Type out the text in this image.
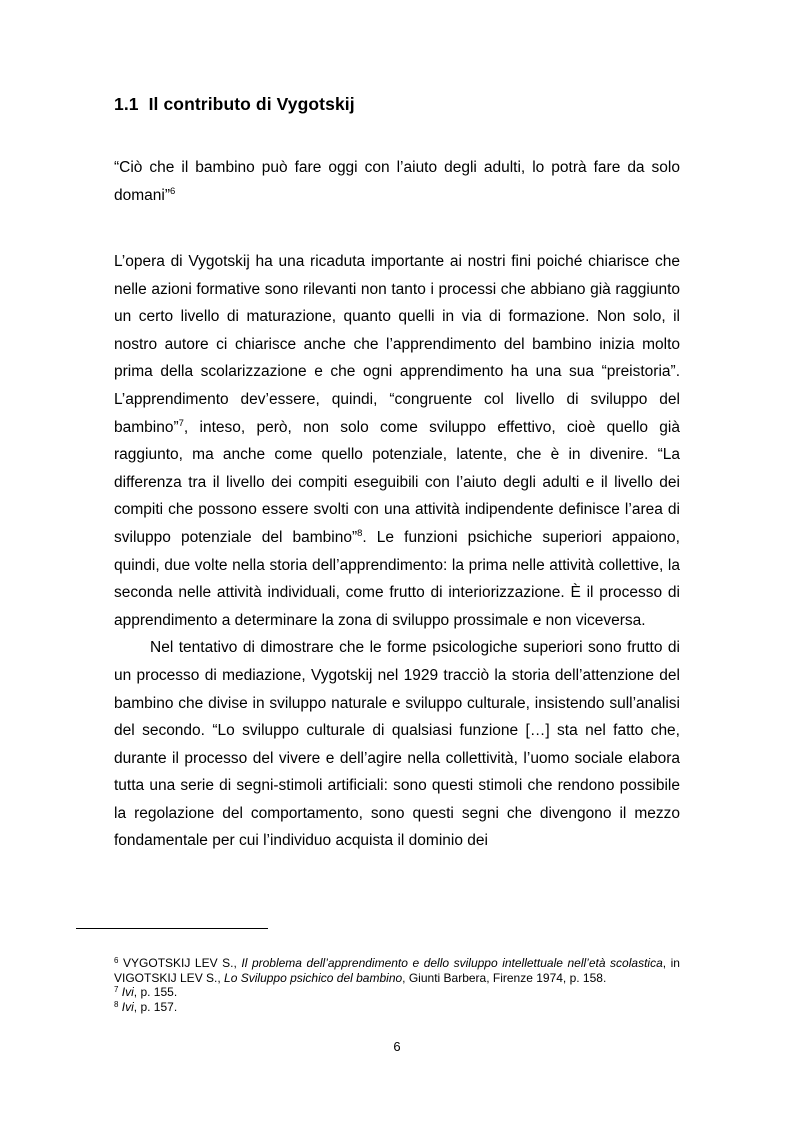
1.1 Il contributo di Vygotskij

“Ciò che il bambino può fare oggi con l’aiuto degli adulti, lo potrà fare da solo domani”$^6$

L’opera di Vygotskij ha una ricaduta importante ai nostri fini poiché chiarisce che nelle azioni formative sono rilevanti non tanto i processi che abbiano già raggiunto un certo livello di maturazione, quanto quelli in via di formazione. Non solo, il nostro autore ci chiarisce anche che l’apprendimento del bambino inizia molto prima della scolarizzazione e che ogni apprendimento ha una sua “preistoria”. L’apprendimento dev’essere, quindi, “congruente col livello di sviluppo del bambino”$^7$, inteso, però, non solo come sviluppo effettivo, cioè quello già raggiunto, ma anche come quello potenziale, latente, che è in divenire. “La differenza tra il livello dei compiti eseguibili con l’aiuto degli adulti e il livello dei compiti che possono essere svolti con una attività indipendente definisce l’area di sviluppo potenziale del bambino”$^8$. Le funzioni psichiche superiori appaiono, quindi, due volte nella storia dell’apprendimento: la prima nelle attività collettive, la seconda nelle attività individuali, come frutto di interiorizzazione. È il processo di apprendimento a determinare la zona di sviluppo prossimale e non viceversa.

Nel tentativo di dimostrare che le forme psicologiche superiori sono frutto di un processo di mediazione, Vygotskij nel 1929 tracciò la storia dell’attenzione del bambino che divise in sviluppo naturale e sviluppo culturale, insistendo sull’analisi del secondo. “Lo sviluppo culturale di qualsiasi funzione […] sta nel fatto che, durante il processo del vivere e dell’agire nella collettività, l’uomo sociale elabora tutta una serie di segni-stimoli artificiali: sono questi stimoli che rendono possibile la regolazione del comportamento, sono questi segni che divengono il mezzo fondamentale per cui l’individuo acquista il dominio dei

$^6$ VYGOTSKIJ LEV S., Il problema dell’apprendimento e dello sviluppo intellettuale nell’età scolastica, in VIGOTSKIJ LEV S., Lo Sviluppo psichico del bambino, Giunti Barbera, Firenze 1974, p. 158.

$^7$ Ivi, p. 155.

$^8$ Ivi, p. 157.

6
